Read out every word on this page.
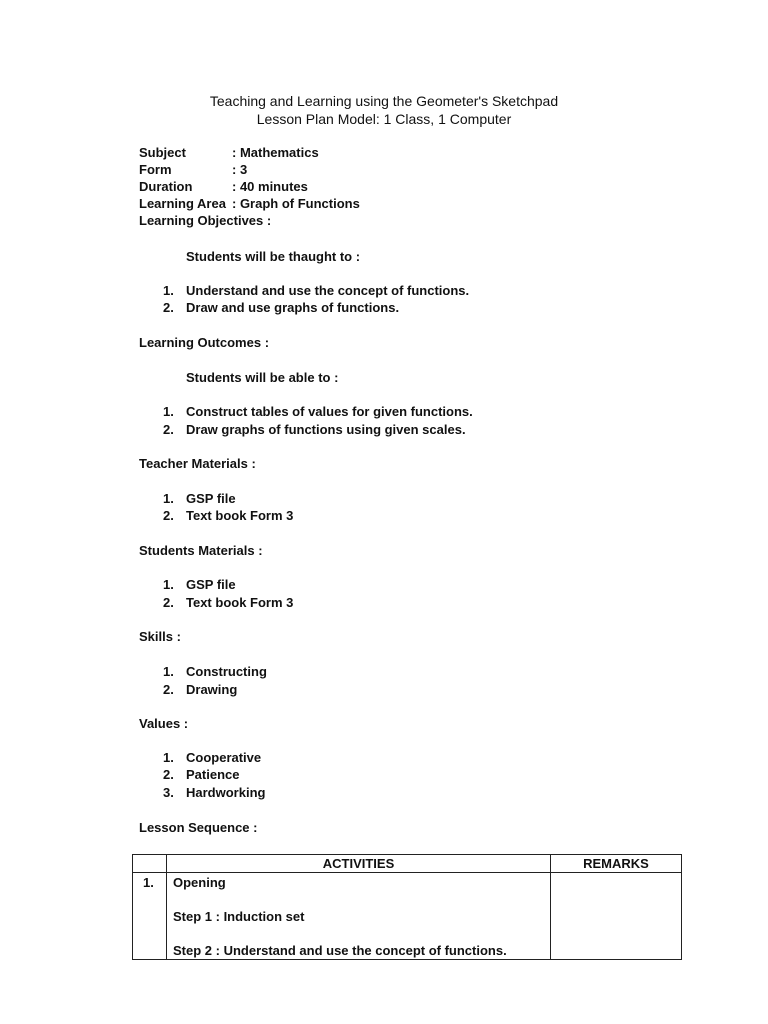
Teaching and Learning using the Geometer's Sketchpad
Lesson Plan Model: 1 Class, 1 Computer
Subject	: Mathematics
Form	: 3
Duration	: 40 minutes
Learning Area : Graph of Functions
Learning Objectives :
Students will be thaught to :
1. Understand and use the concept of functions.
2. Draw and use graphs of functions.
Learning Outcomes :
Students will be able to :
1. Construct tables of values for given functions.
2. Draw graphs of functions using given scales.
Teacher Materials :
1. GSP file
2. Text book Form 3
Students Materials :
1. GSP file
2. Text book Form 3
Skills :
1. Constructing
2. Drawing
Values :
1. Cooperative
2. Patience
3. Hardworking
Lesson Sequence :
ACTIVITIES	REMARKS
1. Opening
Step 1 : Induction set
Step 2 : Understand and use the concept of functions.
